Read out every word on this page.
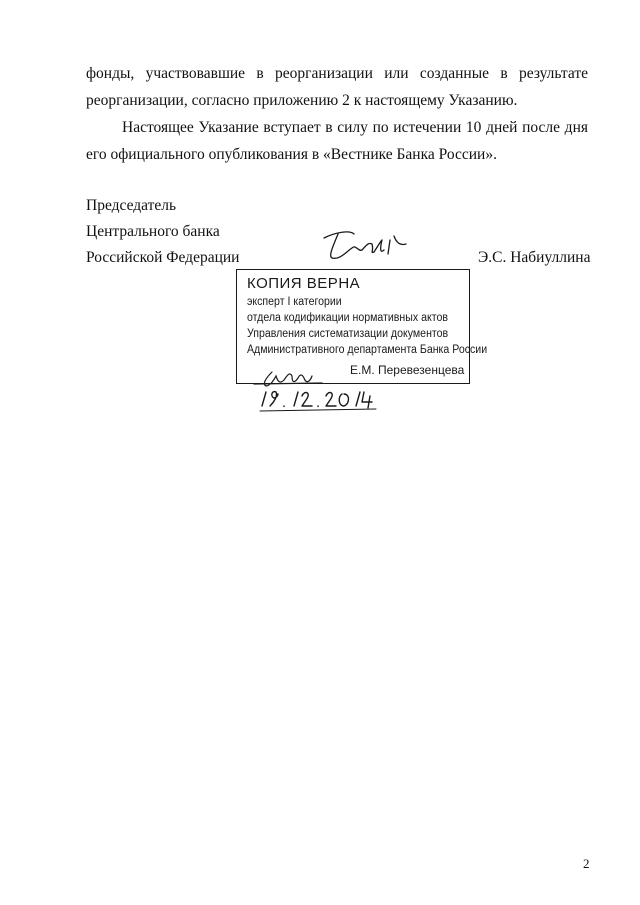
фонды, участвовавшие в реорганизации или созданные в результате реорганизации, согласно приложению 2 к настоящему Указанию.

Настоящее Указание вступает в силу по истечении 10 дней после дня его официального опубликования в «Вестнике Банка России».

Председатель
Центрального банка
Российской Федерации	Э.С. Набиуллина
КОПИЯ ВЕРНА
эксперт I категории
отдела кодификации нормативных актов
Управления систематизации документов
Административного департамента Банка России
Е.М. Перевезенцева
2
